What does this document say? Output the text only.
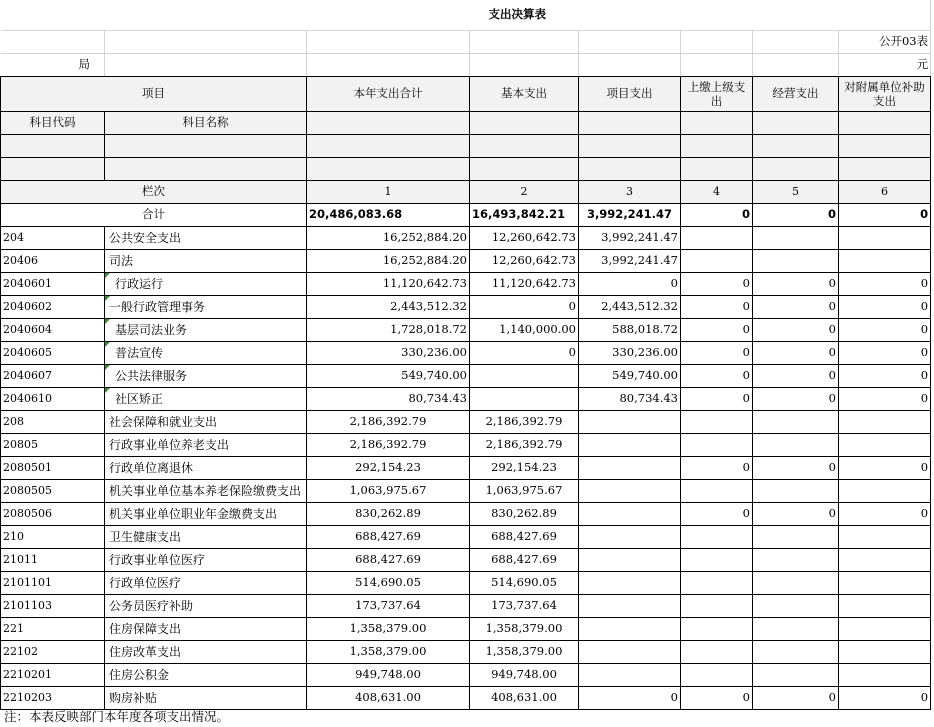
	支出决算表						
							公开03表
局							元
项目		本年支出合计	基本支出	项目支出	上缴上级支出	经营支出	对附属单位补助支出
科目代码	科目名称						

栏次		1	2	3	4	5	6
合计		20,486,083.68	16,493,842.21	3,992,241.47	0	0	0
204	公共安全支出	16,252,884.20	12,260,642.73	3,992,241.47			
20406	司法	16,252,884.20	12,260,642.73	3,992,241.47			
2040601	行政运行	11,120,642.73	11,120,642.73	0	0	0	0
2040602	一般行政管理事务	2,443,512.32	0	2,443,512.32	0	0	0
2040604	基层司法业务	1,728,018.72	1,140,000.00	588,018.72	0	0	0
2040605	普法宣传	330,236.00	0	330,236.00	0	0	0
2040607	公共法律服务	549,740.00		549,740.00	0	0	0
2040610	社区矫正	80,734.43		80,734.43	0	0	0
208	社会保障和就业支出	2,186,392.79	2,186,392.79				
20805	行政事业单位养老支出	2,186,392.79	2,186,392.79				
2080501	行政单位离退休	292,154.23	292,154.23		0	0	0
2080505	机关事业单位基本养老保险缴费支出	1,063,975.67	1,063,975.67				
2080506	机关事业单位职业年金缴费支出	830,262.89	830,262.89		0	0	0
210	卫生健康支出	688,427.69	688,427.69				
21011	行政事业单位医疗	688,427.69	688,427.69				
2101101	行政单位医疗	514,690.05	514,690.05				
2101103	公务员医疗补助	173,737.64	173,737.64				
221	住房保障支出	1,358,379.00	1,358,379.00				
22102	住房改革支出	1,358,379.00	1,358,379.00				
2210201	住房公积金	949,748.00	949,748.00				
2210203	购房补贴	408,631.00	408,631.00	0	0	0	0
注：本表反映部门本年度各项支出情况。
